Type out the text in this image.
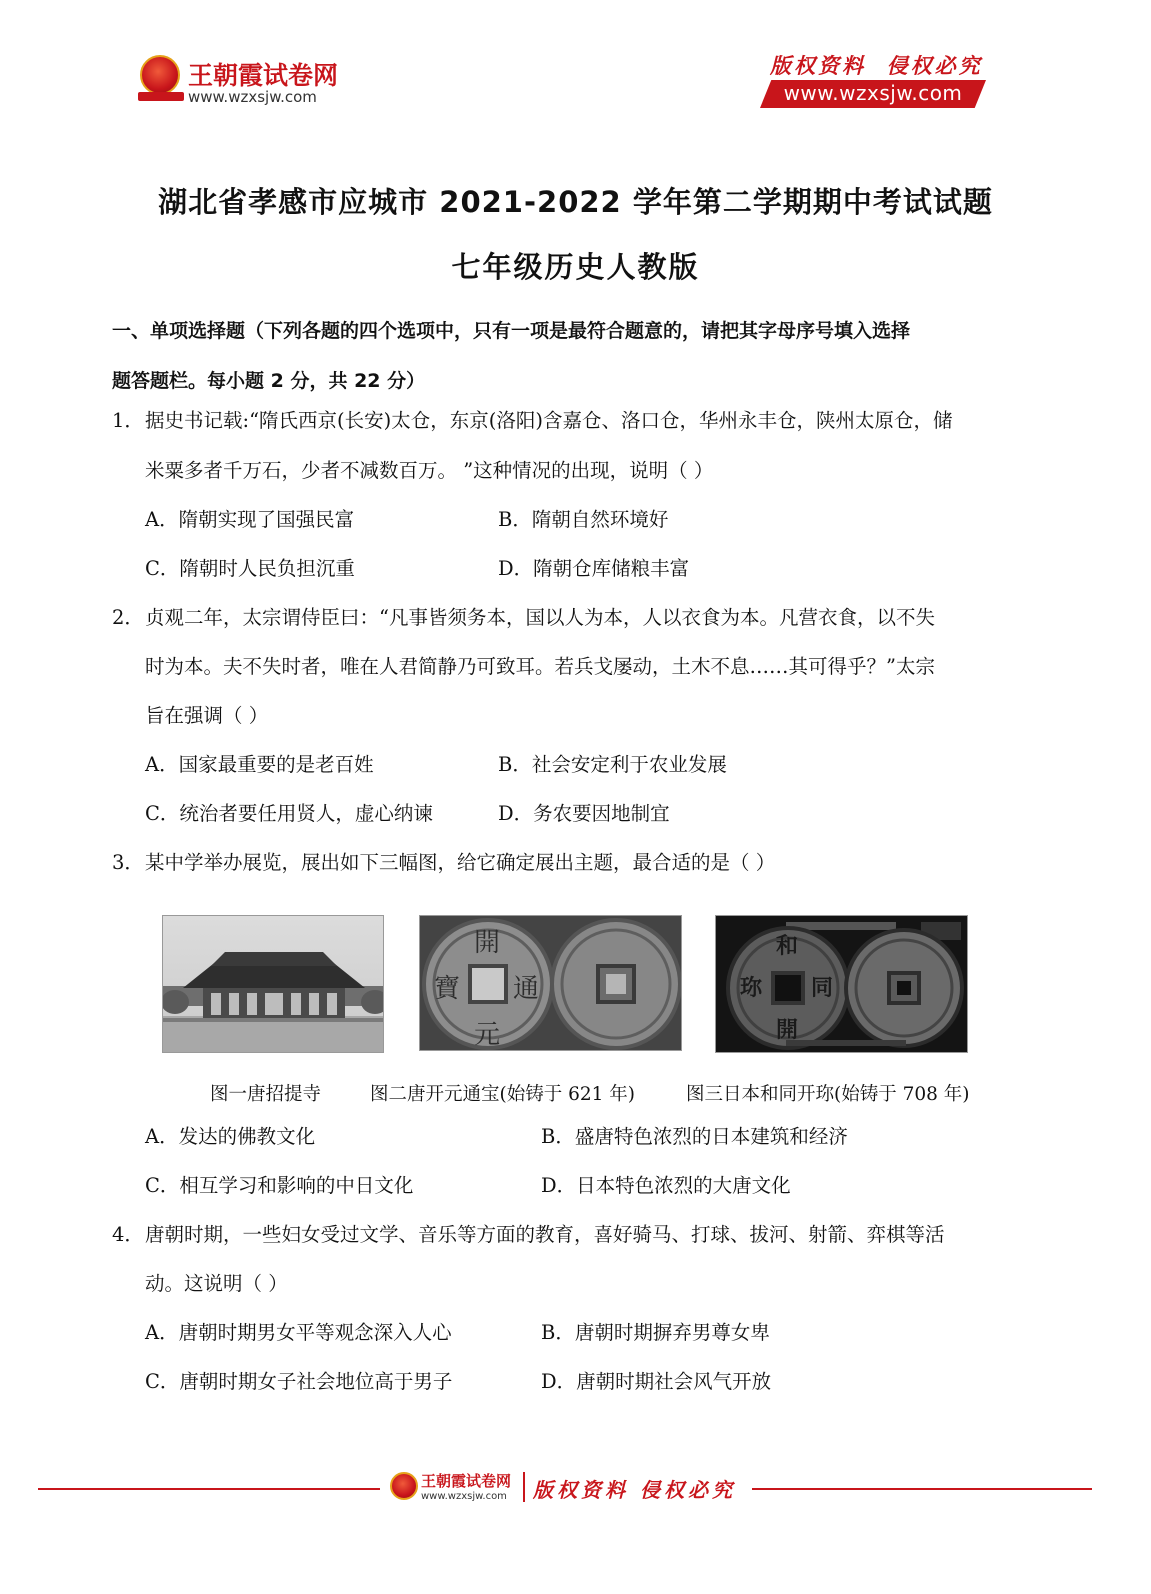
王朝霞试卷网
www.wzxsjw.com
版权资料  侵权必究
www.wzxsjw.com
湖北省孝感市应城市 2021-2022 学年第二学期期中考试试题
七年级历史人教版
一、单项选择题（下列各题的四个选项中，只有一项是最符合题意的，请把其字母序号填入选择
题答题栏。每小题 2 分，共 22 分）
1． 据史书记载:“隋氏西京(长安)太仓，东京(洛阳)含嘉仓、洛口仓，华州永丰仓，陕州太原仓，储
米粟多者千万石，少者不减数百万。 ”这种情况的出现，说明（ ）
A．隋朝实现了国强民富	B．隋朝自然环境好
C．隋朝时人民负担沉重	D．隋朝仓库储粮丰富
2． 贞观二年，太宗谓侍臣曰：“凡事皆须务本，国以人为本，人以衣食为本。凡营衣食，以不失
时为本。夫不失时者，唯在人君简静乃可致耳。若兵戈屡动，土木不息……其可得乎？”太宗
旨在强调（ ）
A．国家最重要的是老百姓	B．社会安定利于农业发展
C．统治者要任用贤人，虚心纳谏	D．务农要因地制宜
3． 某中学举办展览，展出如下三幅图，给它确定展出主题，最合适的是（ ）
開
通
元
寶
和
同
開
珎
图一唐招提寺	图二唐开元通宝(始铸于 621 年)	图三日本和同开珎(始铸于 708 年)
A．发达的佛教文化	B．盛唐特色浓烈的日本建筑和经济
C．相互学习和影响的中日文化	D．日本特色浓烈的大唐文化
4． 唐朝时期，一些妇女受过文学、音乐等方面的教育，喜好骑马、打球、拔河、射箭、弈棋等活
动。这说明（ ）
A．唐朝时期男女平等观念深入人心	B．唐朝时期摒弃男尊女卑
C．唐朝时期女子社会地位高于男子	D．唐朝时期社会风气开放
王朝霞试卷网
www.wzxsjw.com 版权资料 侵权必究
